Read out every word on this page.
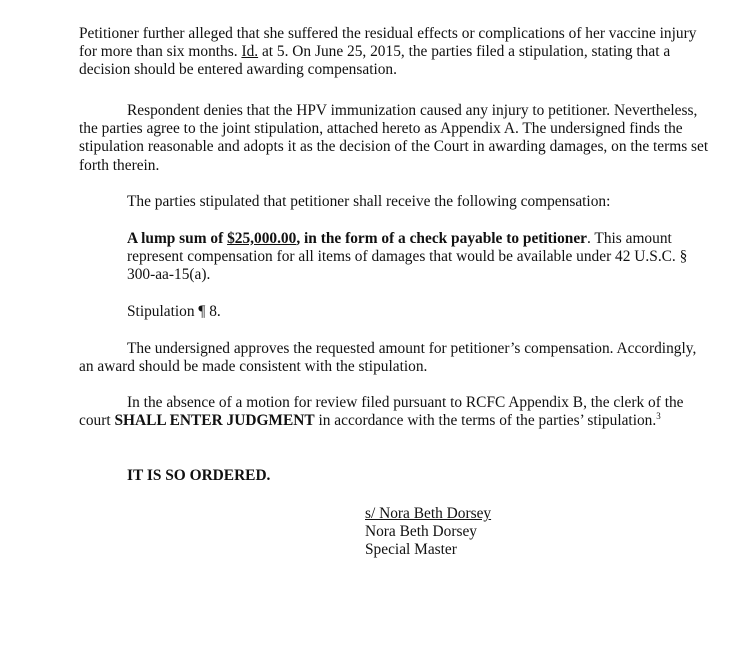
Petitioner further alleged that she suffered the residual effects or complications of her vaccine injury for more than six months. Id. at 5. On June 25, 2015, the parties filed a stipulation, stating that a decision should be entered awarding compensation.

Respondent denies that the HPV immunization caused any injury to petitioner. Nevertheless, the parties agree to the joint stipulation, attached hereto as Appendix A. The undersigned finds the stipulation reasonable and adopts it as the decision of the Court in awarding damages, on the terms set forth therein.

The parties stipulated that petitioner shall receive the following compensation:

A lump sum of $25,000.00, in the form of a check payable to petitioner. This amount represent compensation for all items of damages that would be available under 42 U.S.C. § 300-aa-15(a).

Stipulation ¶ 8.

The undersigned approves the requested amount for petitioner’s compensation. Accordingly, an award should be made consistent with the stipulation.

In the absence of a motion for review filed pursuant to RCFC Appendix B, the clerk of the court SHALL ENTER JUDGMENT in accordance with the terms of the parties’ stipulation.$^3$

IT IS SO ORDERED.

s/ Nora Beth Dorsey
Nora Beth Dorsey
Special Master
